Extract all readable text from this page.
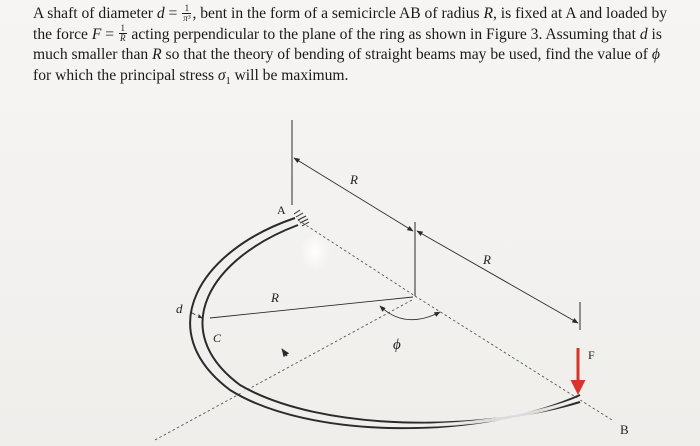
A shaft of diameter $d = \frac{1}{\text{π³}}$ , bent in the form of a semicircle AB of radius R, is fixed at A and loaded by
the force $F = \frac{1}{R}$ acting perpendicular to the plane of the ring as shown in Figure 3. Assuming that d is
much smaller than R so that the theory of bending of straight beams may be used, find the value of ϕ
for which the principal stress $\sigma_1$ will be maximum.
A
R
R
R
d
C	ϕ
F
B
